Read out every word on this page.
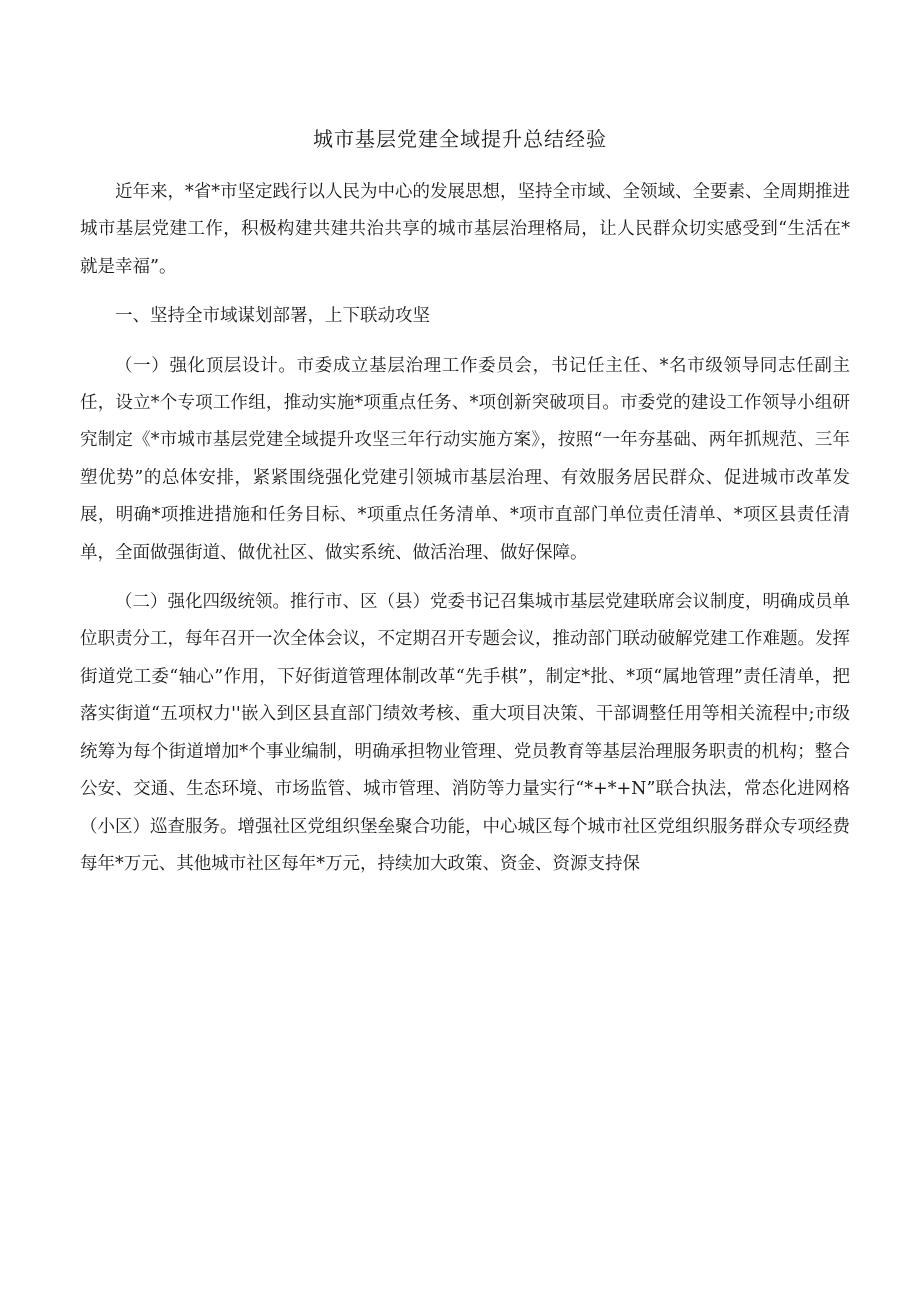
城市基层党建全域提升总结经验

近年来，*省*市坚定践行以人民为中心的发展思想，坚持全市域、全领域、全要素、全周期推进城市基层党建工作，积极构建共建共治共享的城市基层治理格局，让人民群众切实感受到“生活在*就是幸福”。

一、坚持全市域谋划部署，上下联动攻坚

（一）强化顶层设计。市委成立基层治理工作委员会，书记任主任、*名市级领导同志任副主任，设立*个专项工作组，推动实施*项重点任务、*项创新突破项目。市委党的建设工作领导小组研究制定《*市城市基层党建全域提升攻坚三年行动实施方案》，按照“一年夯基础、两年抓规范、三年塑优势”的总体安排，紧紧围绕强化党建引领城市基层治理、有效服务居民群众、促进城市改革发展，明确*项推进措施和任务目标、*项重点任务清单、*项市直部门单位责任清单、*项区县责任清单，全面做强街道、做优社区、做实系统、做活治理、做好保障。

（二）强化四级统领。推行市、区（县）党委书记召集城市基层党建联席会议制度，明确成员单位职责分工，每年召开一次全体会议，不定期召开专题会议，推动部门联动破解党建工作难题。发挥街道党工委“轴心”作用，下好街道管理体制改革“先手棋”，制定*批、*项“属地管理”责任清单，把落实街道“五项权力''嵌入到区县直部门绩效考核、重大项目决策、干部调整任用等相关流程中;市级统筹为每个街道增加*个事业编制，明确承担物业管理、党员教育等基层治理服务职责的机构；整合公安、交通、生态环境、市场监管、城市管理、消防等力量实行“*+*+N”联合执法，常态化进网格（小区）巡查服务。增强社区党组织堡垒聚合功能，中心城区每个城市社区党组织服务群众专项经费每年*万元、其他城市社区每年*万元，持续加大政策、资金、资源支持保
